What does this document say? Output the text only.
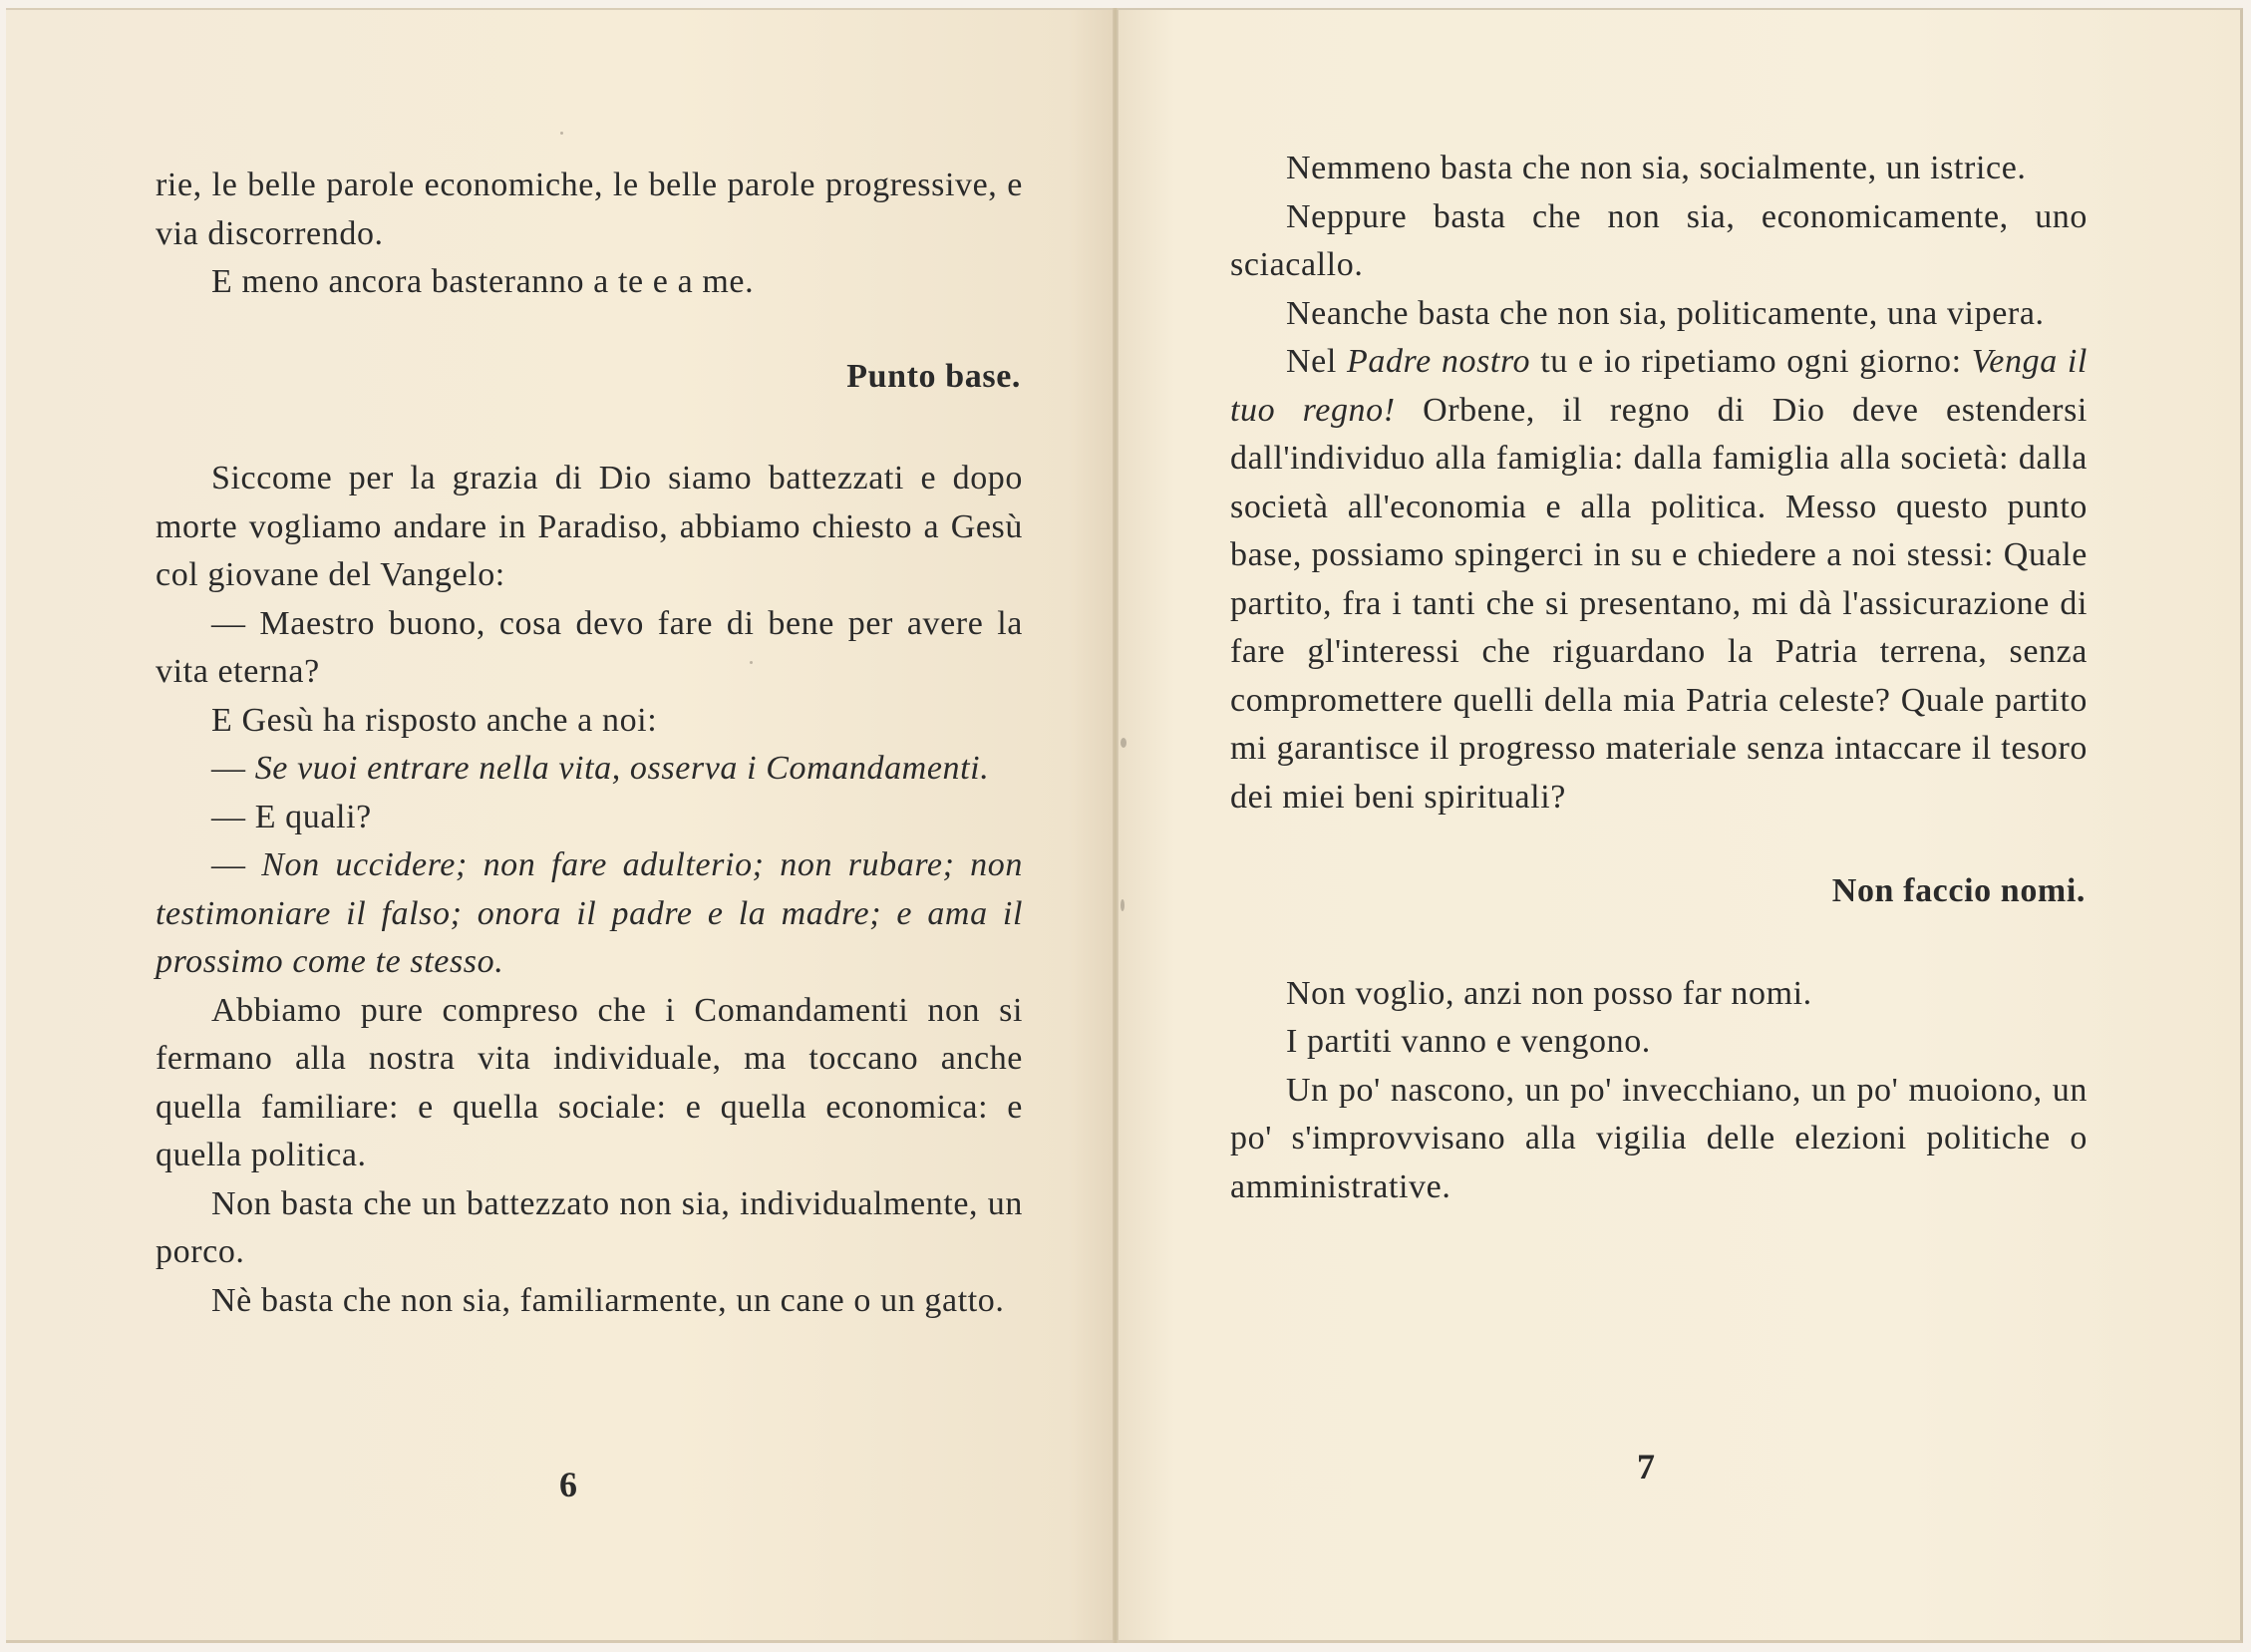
rie, le belle parole economiche, le belle parole progressive, e via discorrendo.

E meno ancora basteranno a te e a me.

Punto base.

Siccome per la grazia di Dio siamo battezzati e dopo morte vogliamo andare in Paradiso, abbiamo chiesto a Gesù col giovane del Vangelo:

— Maestro buono, cosa devo fare di bene per avere la vita eterna?

E Gesù ha risposto anche a noi:

— Se vuoi entrare nella vita, osserva i Comandamenti.

— E quali?

— Non uccidere; non fare adulterio; non rubare; non testimoniare il falso; onora il padre e la madre; e ama il prossimo come te stesso.

Abbiamo pure compreso che i Comandamenti non si fermano alla nostra vita individuale, ma toccano anche quella familiare: e quella sociale: e quella economica: e quella politica.

Non basta che un battezzato non sia, individualmente, un porco.

Nè basta che non sia, familiarmente, un cane o un gatto.

6

Nemmeno basta che non sia, socialmente, un istrice.

Neppure basta che non sia, economicamente, uno sciacallo.

Neanche basta che non sia, politicamente, una vipera.

Nel Padre nostro tu e io ripetiamo ogni giorno: Venga il tuo regno! Orbene, il regno di Dio deve estendersi dall'individuo alla famiglia: dalla famiglia alla società: dalla società all'economia e alla politica. Messo questo punto base, possiamo spingerci in su e chiedere a noi stessi: Quale partito, fra i tanti che si presentano, mi dà l'assicurazione di fare gl'interessi che riguardano la Patria terrena, senza compromettere quelli della mia Patria celeste? Quale partito mi garantisce il progresso materiale senza intaccare il tesoro dei miei beni spirituali?

Non faccio nomi.

Non voglio, anzi non posso far nomi.

I partiti vanno e vengono.

Un po' nascono, un po' invecchiano, un po' muoiono, un po' s'improvvisano alla vigilia delle elezioni politiche o amministrative.

7
